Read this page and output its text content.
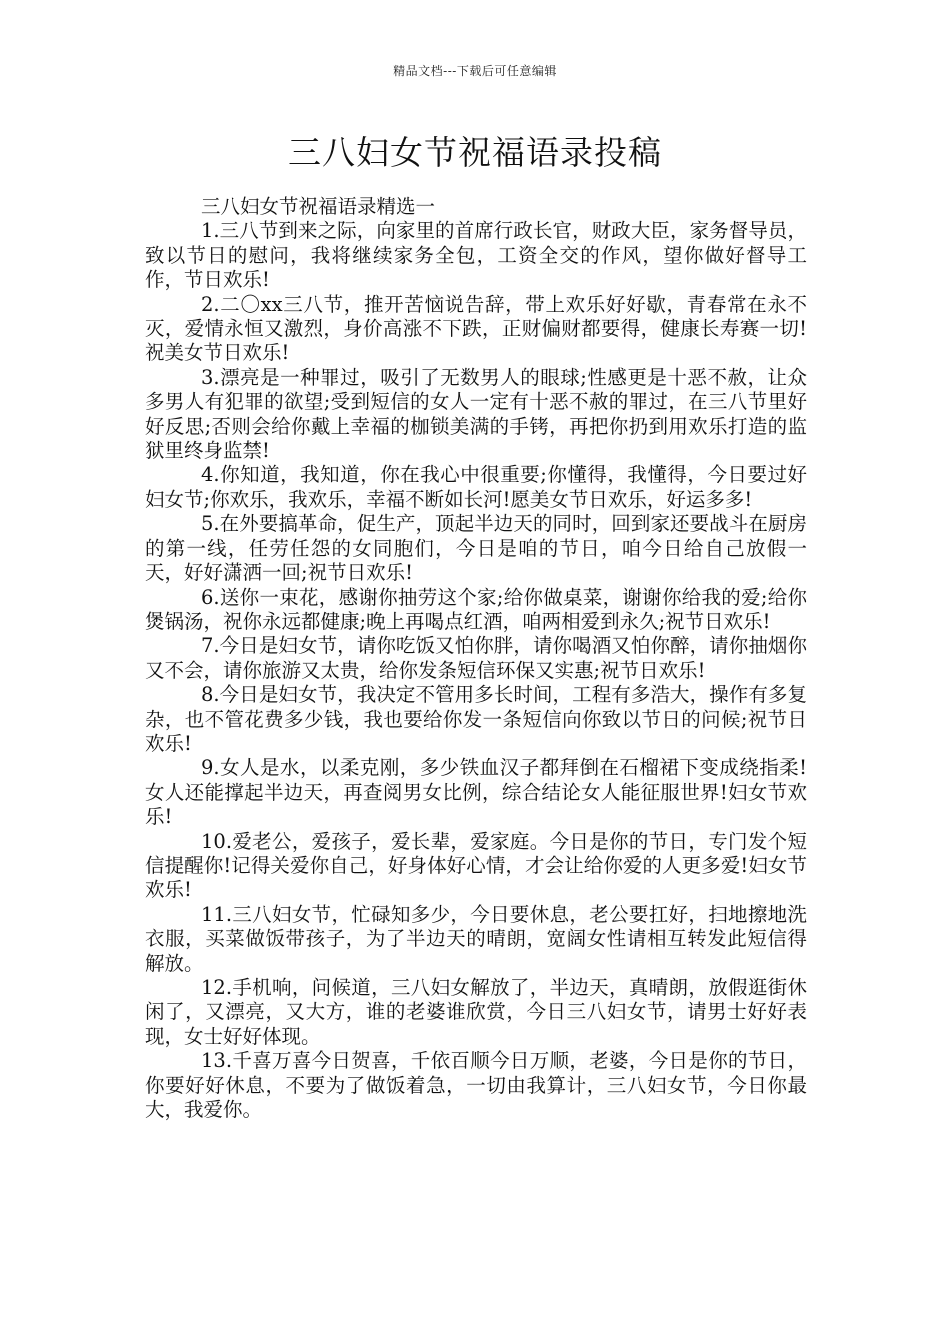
精品文档---下载后可任意编辑
三八妇女节祝福语录投稿

三八妇女节祝福语录精选一

1.三八节到来之际，向家里的首席行政长官，财政大臣，家务督导员，致以节日的慰问，我将继续家务全包，工资全交的作风，望你做好督导工作，节日欢乐!

2.二〇xx三八节，推开苦恼说告辞，带上欢乐好好歇，青春常在永不灭，爱情永恒又激烈，身价高涨不下跌，正财偏财都要得，健康长寿赛一切!祝美女节日欢乐!

3.漂亮是一种罪过，吸引了无数男人的眼球;性感更是十恶不赦，让众多男人有犯罪的欲望;受到短信的女人一定有十恶不赦的罪过，在三八节里好好反思;否则会给你戴上幸福的枷锁美满的手铐，再把你扔到用欢乐打造的监狱里终身监禁!

4.你知道，我知道，你在我心中很重要;你懂得，我懂得，今日要过好妇女节;你欢乐，我欢乐，幸福不断如长河!愿美女节日欢乐，好运多多!

5.在外要搞革命，促生产，顶起半边天的同时，回到家还要战斗在厨房的第一线，任劳任怨的女同胞们，今日是咱的节日，咱今日给自己放假一天，好好潇洒一回;祝节日欢乐!

6.送你一束花，感谢你抽劳这个家;给你做桌菜，谢谢你给我的爱;给你煲锅汤，祝你永远都健康;晚上再喝点红酒，咱两相爱到永久;祝节日欢乐!

7.今日是妇女节，请你吃饭又怕你胖，请你喝酒又怕你醉，请你抽烟你又不会，请你旅游又太贵，给你发条短信环保又实惠;祝节日欢乐!

8.今日是妇女节，我决定不管用多长时间，工程有多浩大，操作有多复杂，也不管花费多少钱，我也要给你发一条短信向你致以节日的问候;祝节日欢乐!

9.女人是水，以柔克刚，多少铁血汉子都拜倒在石榴裙下变成绕指柔!女人还能撑起半边天，再查阅男女比例，综合结论女人能征服世界!妇女节欢乐!

10.爱老公，爱孩子，爱长辈，爱家庭。今日是你的节日，专门发个短信提醒你!记得关爱你自己，好身体好心情，才会让给你爱的人更多爱!妇女节欢乐!

11.三八妇女节，忙碌知多少，今日要休息，老公要扛好，扫地擦地洗衣服，买菜做饭带孩子，为了半边天的晴朗，宽阔女性请相互转发此短信得解放。

12.手机响，问候道，三八妇女解放了，半边天，真晴朗，放假逛街休闲了，又漂亮，又大方，谁的老婆谁欣赏，今日三八妇女节，请男士好好表现，女士好好体现。

13.千喜万喜今日贺喜，千依百顺今日万顺，老婆，今日是你的节日，你要好好休息，不要为了做饭着急，一切由我算计，三八妇女节，今日你最大，我爱你。
